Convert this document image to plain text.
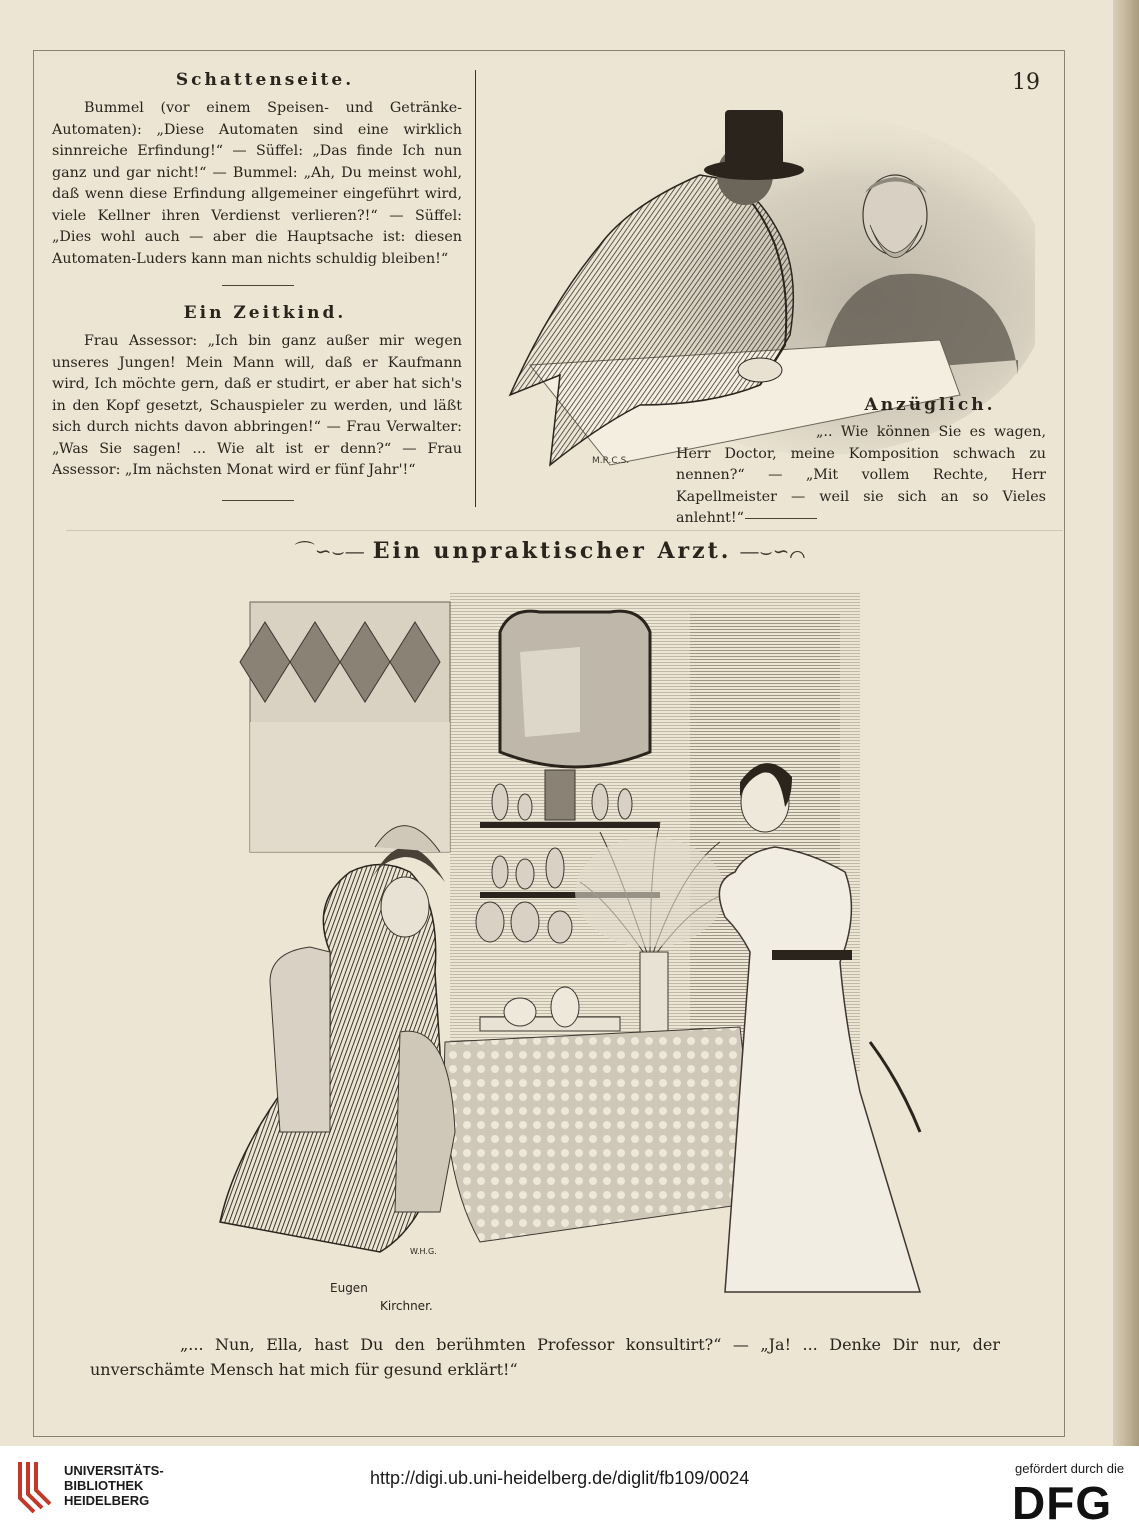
19
Schattenseite.
Bummel (vor einem Speisen- und Getränke-Automaten): „Diese Automaten sind eine wirklich sinnreiche Erfindung!“ — Süffel: „Das finde Ich nun ganz und gar nicht!“ — Bummel: „Ah, Du meinst wohl, daß wenn diese Erfindung allgemeiner eingeführt wird, viele Kellner ihren Verdienst verlieren?!“ — Süffel: „Dies wohl auch — aber die Hauptsache ist: diesen Automaten-Luders kann man nichts schuldig bleiben!“
Ein Zeitkind.
Frau Assessor: „Ich bin ganz außer mir wegen unseres Jungen! Mein Mann will, daß er Kaufmann wird, Ich möchte gern, daß er studirt, er aber hat sich's in den Kopf gesetzt, Schauspieler zu werden, und läßt sich durch nichts davon abbringen!“ — Frau Verwalter: „Was Sie sagen! ... Wie alt ist er denn?“ — Frau Assessor: „Im nächsten Monat wird er fünf Jahr'!“
M.R.C.S.
Anzüglich.
„.. Wie können Sie es wagen, Herr Doctor, meine Komposition schwach zu nennen?“ — „Mit vollem Rechte, Herr Kapellmeister — weil sie sich an so Vieles anlehnt!“
⌒∽⌣— Ein unpraktischer Arzt. —⌣∽⌒
Eugen
Kirchner.
W.H.G.
„... Nun, Ella, hast Du den berühmten Professor konsultirt?“ — „Ja! ... Denke Dir nur, der unverschämte Mensch hat mich für gesund erklärt!“
UNIVERSITÄTS-
BIBLIOTHEK
HEIDELBERG
http://digi.ub.uni-heidelberg.de/diglit/fb109/0024	gefördert durch die
DFG
